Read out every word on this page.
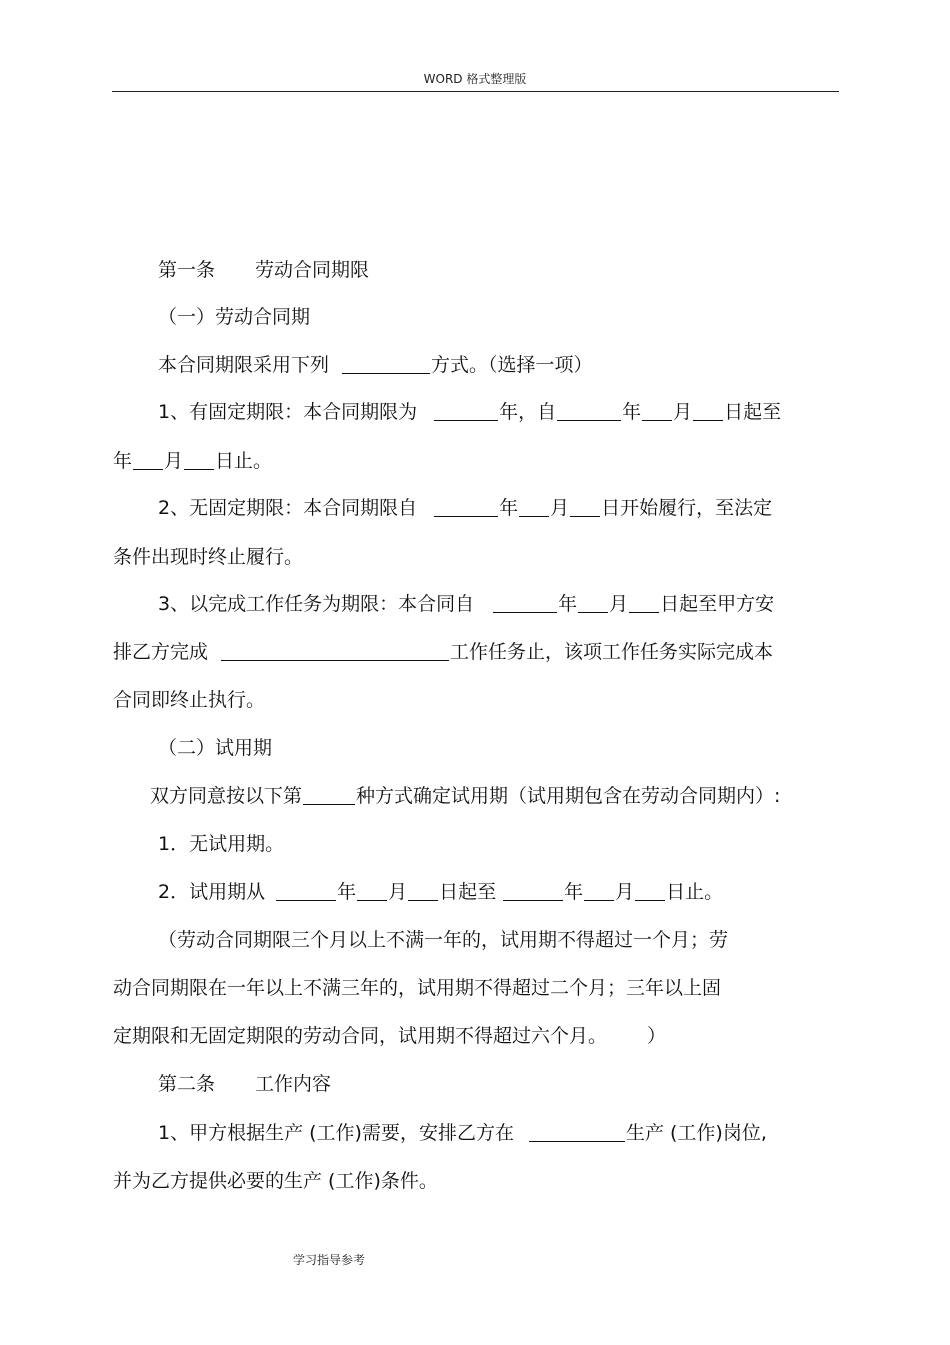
WORD 格式整理版
第一条 劳动合同期限
（一）劳动合同期
本合同期限采用下列	方式。（选择一项）
1、有固定期限：本合同期限为	年，自	年 月 日起至
年 月 日止。
2、无固定期限：本合同期限自	年 月 日开始履行，至法定
条件出现时终止履行。
3、以完成工作任务为期限：本合同自	年 月 日起至甲方安
排乙方完成	工作任务止，该项工作任务实际完成本
合同即终止执行。
（二）试用期
双方同意按以下第	种方式确定试用期（试用期包含在劳动合同期内）:
1．无试用期。
2．试用期从	年 月 日起至	年 月 日止。
（劳动合同期限三个月以上不满一年的，试用期不得超过一个月；劳
动合同期限在一年以上不满三年的，试用期不得超过二个月；三年以上固
定期限和无固定期限的劳动合同，试用期不得超过六个月。 ）
第二条 工作内容
1、甲方根据生产 (工作)需要，安排乙方在	生产 (工作)岗位,
并为乙方提供必要的生产 (工作)条件。
学习指导参考
